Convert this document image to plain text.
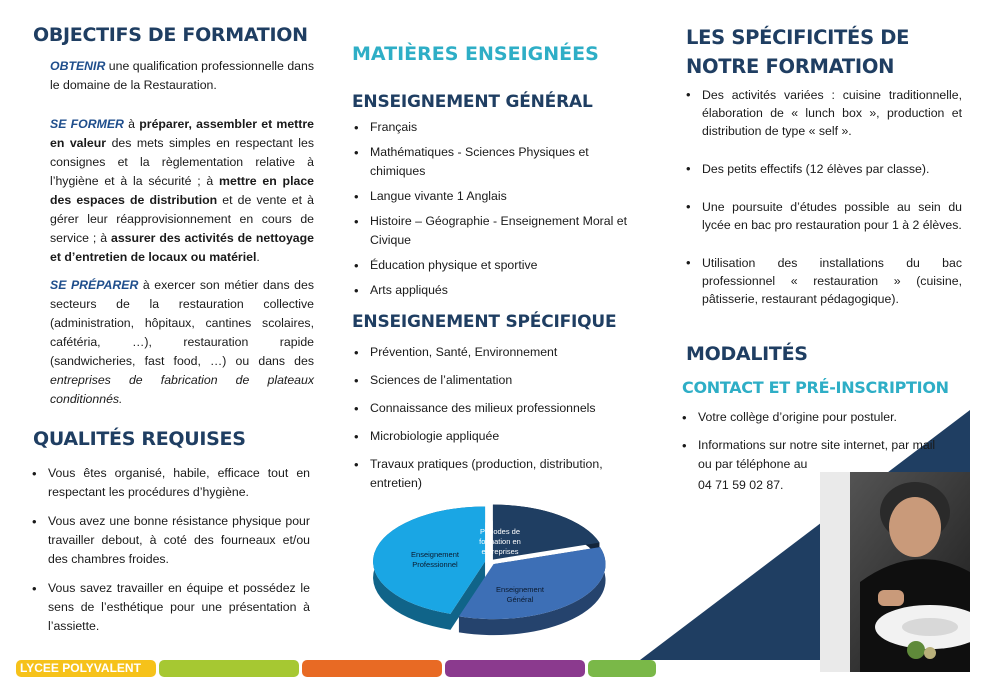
OBJECTIFS DE FORMATION
OBTENIR une qualification professionnelle dans le domaine de la Restauration.
SE FORMER à préparer, assembler et mettre en valeur des mets simples en respectant les consignes et la règlementation relative à l’hygiène et à la sécurité ; à mettre en place des espaces de distribution et de vente et à gérer leur réapprovisionnement en cours de service ; à assurer des activités de nettoyage et d’entretien de locaux ou matériel.
SE PRÉPARER à exercer son métier dans des secteurs de la restauration collective (administration, hôpitaux, cantines scolaires, cafétéria, …), restauration rapide (sandwicheries, fast food, …) ou dans des entreprises de fabrication de plateaux conditionnés.
QUALITÉS REQUISES
• Vous êtes organisé, habile, efficace tout en respectant les procédures d’hygiène.
• Vous avez une bonne résistance physique pour travailler debout, à coté des fourneaux et/ou des chambres froides.
• Vous savez travailler en équipe et possédez le sens de l’esthétique pour une présentation à l’assiette.
MATIÈRES ENSEIGNÉES
ENSEIGNEMENT GÉNÉRAL
• Français
• Mathématiques - Sciences Physiques et chimiques
• Langue vivante 1 Anglais
• Histoire – Géographie - Enseignement Moral et Civique
• Éducation physique et sportive
• Arts appliqués
ENSEIGNEMENT SPÉCIFIQUE
• Prévention, Santé, Environnement
• Sciences de l’alimentation
• Connaissance des milieux professionnels
• Microbiologie appliquée
• Travaux pratiques (production, distribution, entretien)
Enseignement
Professionnel
Périodes de
formation en
entreprises
Enseignement
Général
LES SPÉCIFICITÉS DE
NOTRE FORMATION
• Des activités variées : cuisine traditionnelle, élaboration de « lunch box », production et distribution de type « self ».
• Des petits effectifs (12 élèves par classe).
• Une poursuite d’études possible au sein du lycée en bac pro restauration pour 1 à 2 élèves.
• Utilisation des installations du bac professionnel « restauration » (cuisine, pâtisserie, restaurant pédagogique).
MODALITÉS
CONTACT ET PRÉ-INSCRIPTION
• Votre collège d’origine pour postuler.
• Informations sur notre site internet, par mail ou par téléphone au
04 71 59 02 87.
LYCEE POLYVALENT
